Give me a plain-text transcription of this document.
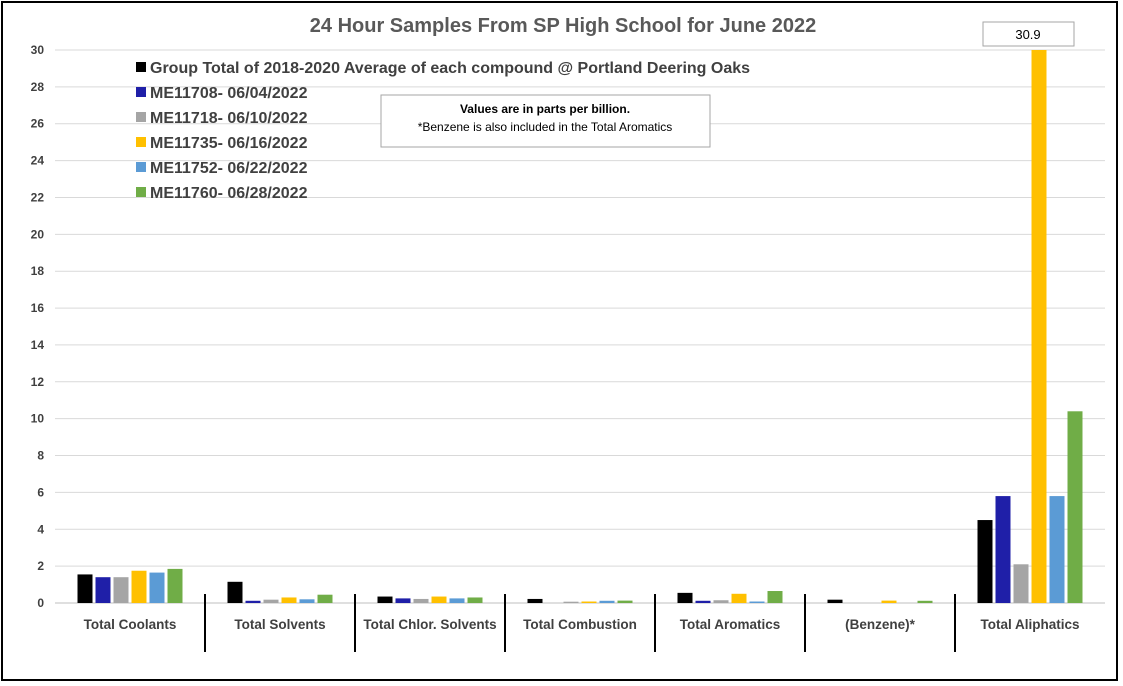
24 Hour Samples From SP High School for June 2022
0
2
4
6
8
10
12
14
16
18
20
22
24
26
28
30
Total Coolants	Total Solvents	Total Chlor. Solvents Total Combustion	Total Aromatics	(Benzene)*	Total Aliphatics
Group Total of 2018-2020 Average of each compound @ Portland Deering Oaks
ME11708- 06/04/2022
ME11718- 06/10/2022
ME11735- 06/16/2022
ME11752- 06/22/2022
ME11760- 06/28/2022
Values are in parts per billion.
*Benzene is also included in the Total Aromatics
30.9
